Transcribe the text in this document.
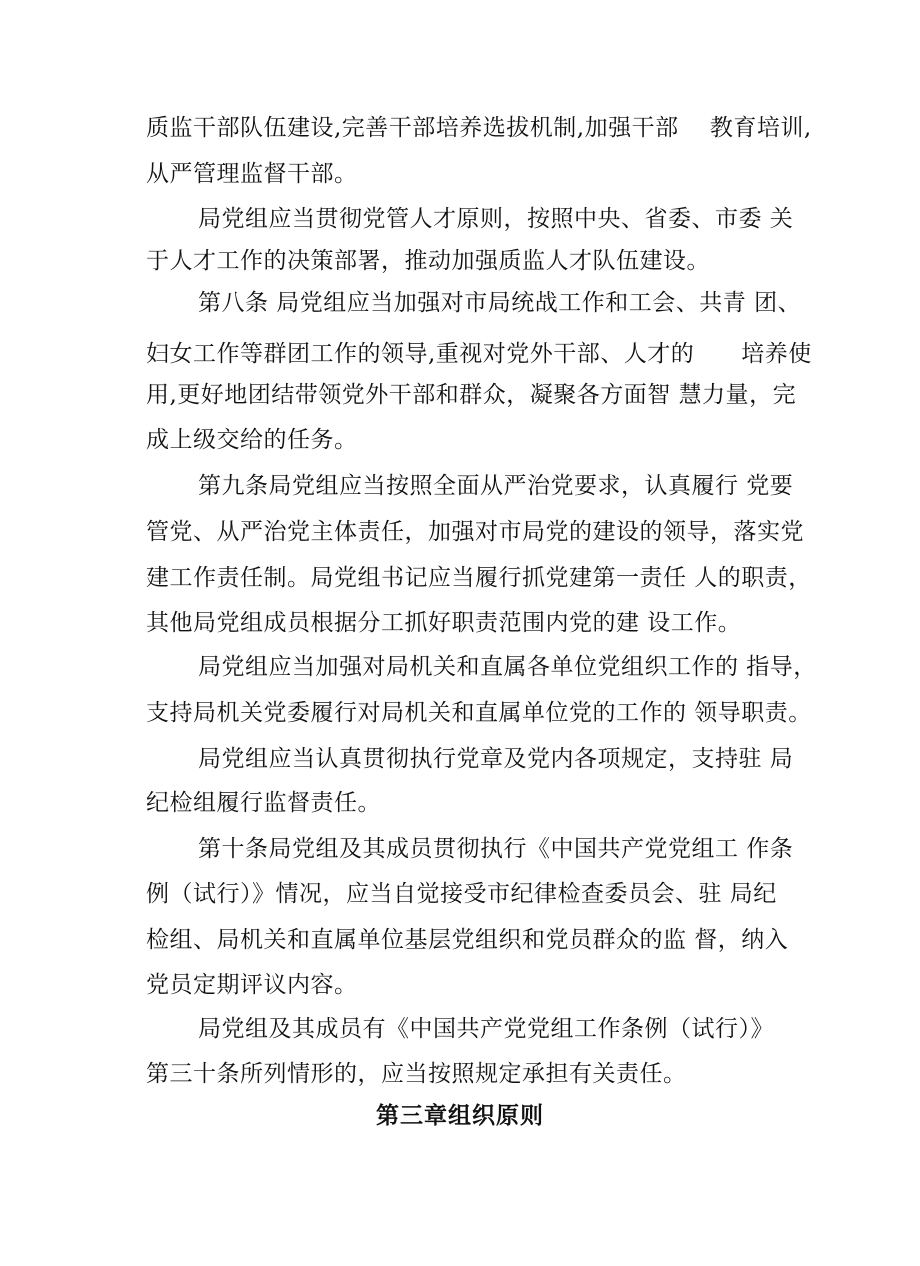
质监干部队伍建设,完善干部培养选拔机制,加强干部　 教育培训,
从严管理监督干部。
局党组应当贯彻党管人才原则，按照中央、省委、市委 关
于人才工作的决策部署，推动加强质监人才队伍建设。
第八条 局党组应当加强对市局统战工作和工会、共青 团、
妇女工作等群团工作的领导,重视对党外干部、人才的　　培养使
用,更好地团结带领党外干部和群众，凝聚各方面智 慧力量，完
成上级交给的任务。
第九条局党组应当按照全面从严治党要求，认真履行 党要
管党、从严治党主体责任，加强对市局党的建设的领导，落实党
建工作责任制。局党组书记应当履行抓党建第一责任 人的职责，
其他局党组成员根据分工抓好职责范围内党的建 设工作。
局党组应当加强对局机关和直属各单位党组织工作的 指导，
支持局机关党委履行对局机关和直属单位党的工作的 领导职责。
局党组应当认真贯彻执行党章及党内各项规定，支持驻 局
纪检组履行监督责任。
第十条局党组及其成员贯彻执行《中国共产党党组工 作条
例（试行）》情况，应当自觉接受市纪律检查委员会、驻 局纪
检组、局机关和直属单位基层党组织和党员群众的监 督，纳入
党员定期评议内容。
局党组及其成员有《中国共产党党组工作条例（试行）》
第三十条所列情形的，应当按照规定承担有关责任。
第三章组织原则
